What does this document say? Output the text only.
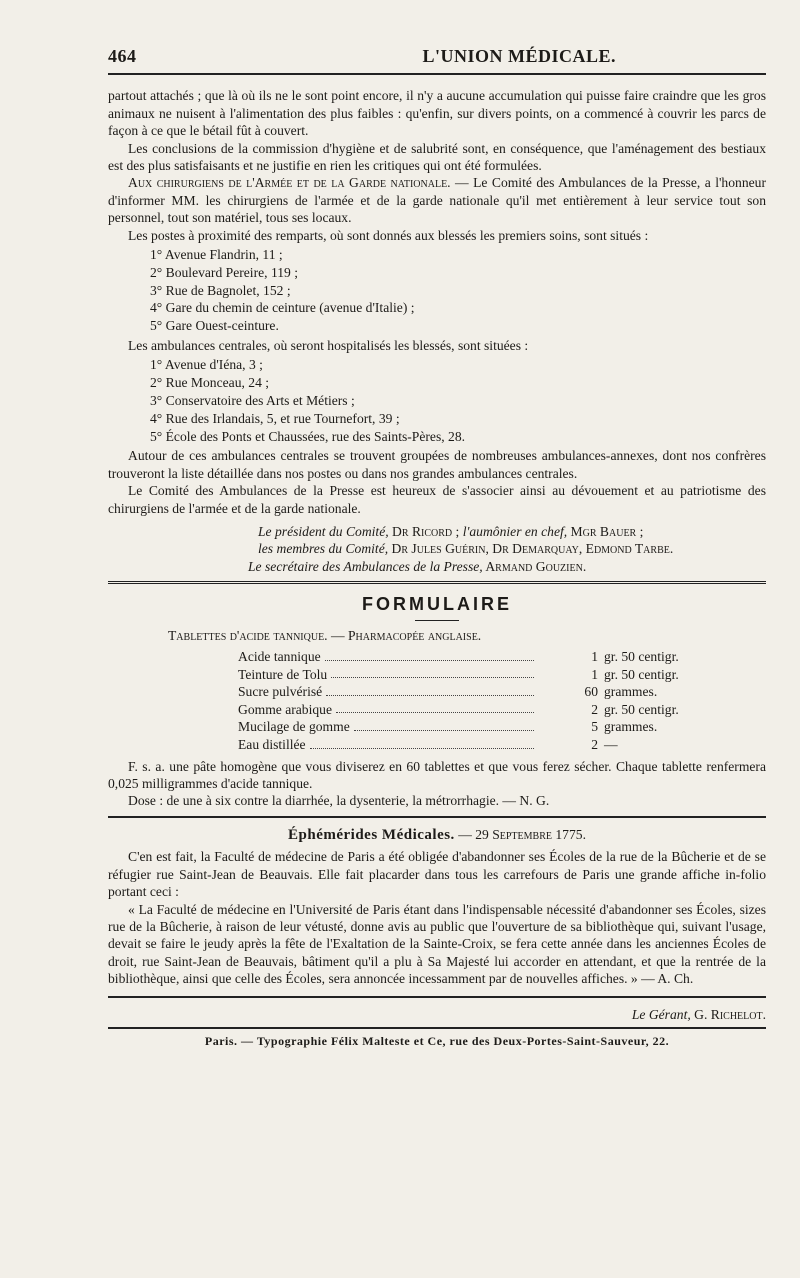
464	L'UNION MÉDICALE.

partout attachés ; que là où ils ne le sont point encore, il n'y a aucune accumulation qui puisse faire craindre que les gros animaux ne nuisent à l'alimentation des plus faibles : qu'enfin, sur divers points, on a commencé à couvrir les parcs de façon à ce que le bétail fût à couvert.

Les conclusions de la commission d'hygiène et de salubrité sont, en conséquence, que l'aménagement des bestiaux est des plus satisfaisants et ne justifie en rien les critiques qui ont été formulées.

Aux chirurgiens de l'Armée et de la Garde nationale. — Le Comité des Ambulances de la Presse, a l'honneur d'informer MM. les chirurgiens de l'armée et de la garde nationale qu'il met entièrement à leur service tout son personnel, tout son matériel, tous ses locaux.

Les postes à proximité des remparts, où sont donnés aux blessés les premiers soins, sont situés :

1° Avenue Flandrin, 11 ;
2° Boulevard Pereire, 119 ;
3° Rue de Bagnolet, 152 ;
4° Gare du chemin de ceinture (avenue d'Italie) ;
5° Gare Ouest-ceinture.

Les ambulances centrales, où seront hospitalisés les blessés, sont situées :

1° Avenue d'Iéna, 3 ;
2° Rue Monceau, 24 ;
3° Conservatoire des Arts et Métiers ;
4° Rue des Irlandais, 5, et rue Tournefort, 39 ;
5° École des Ponts et Chaussées, rue des Saints-Pères, 28.

Autour de ces ambulances centrales se trouvent groupées de nombreuses ambulances-annexes, dont nos confrères trouveront la liste détaillée dans nos postes ou dans nos grandes ambulances centrales.

Le Comité des Ambulances de la Presse est heureux de s'associer ainsi au dévouement et au patriotisme des chirurgiens de l'armée et de la garde nationale.

Le président du Comité, Dr Ricord ; l'aumônier en chef, Mgr Bauer ;
les membres du Comité, Dr Jules Guérin, Dr Demarquay, Edmond Tarbe.
Le secrétaire des Ambulances de la Presse, Armand Gouzien.
FORMULAIRE

Tablettes d'acide tannique. — Pharmacopée anglaise.

Acide tannique	1 gr. 50 centigr.
Teinture de Tolu	1 gr. 50 centigr.
Sucre pulvérisé	60 grammes.
Gomme arabique	2 gr. 50 centigr.
Mucilage de gomme	5 grammes.
Eau distillée	2 —

F. s. a. une pâte homogène que vous diviserez en 60 tablettes et que vous ferez sécher. Chaque tablette renfermera 0,025 milligrammes d'acide tannique.

Dose : de une à six contre la diarrhée, la dysenterie, la métrorrhagie. — N. G.

Éphémérides Médicales. — 29 Septembre 1775.

C'en est fait, la Faculté de médecine de Paris a été obligée d'abandonner ses Écoles de la rue de la Bûcherie et de se réfugier rue Saint-Jean de Beauvais. Elle fait placarder dans tous les carrefours de Paris une grande affiche in-folio portant ceci :

« La Faculté de médecine en l'Université de Paris étant dans l'indispensable nécessité d'abandonner ses Écoles, sizes rue de la Bûcherie, à raison de leur vétusté, donne avis au public que l'ouverture de sa bibliothèque qui, suivant l'usage, devait se faire le jeudy après la fête de l'Exaltation de la Sainte-Croix, se fera cette année dans les anciennes Écoles de droit, rue Saint-Jean de Beauvais, bâtiment qu'il a plu à Sa Majesté lui accorder en attendant, et que la rentrée de la bibliothèque, ainsi que celle des Écoles, sera annoncée incessamment par de nouvelles affiches. » — A. Ch.

Le Gérant, G. Richelot.
Paris. — Typographie Félix Malteste et Ce, rue des Deux-Portes-Saint-Sauveur, 22.
